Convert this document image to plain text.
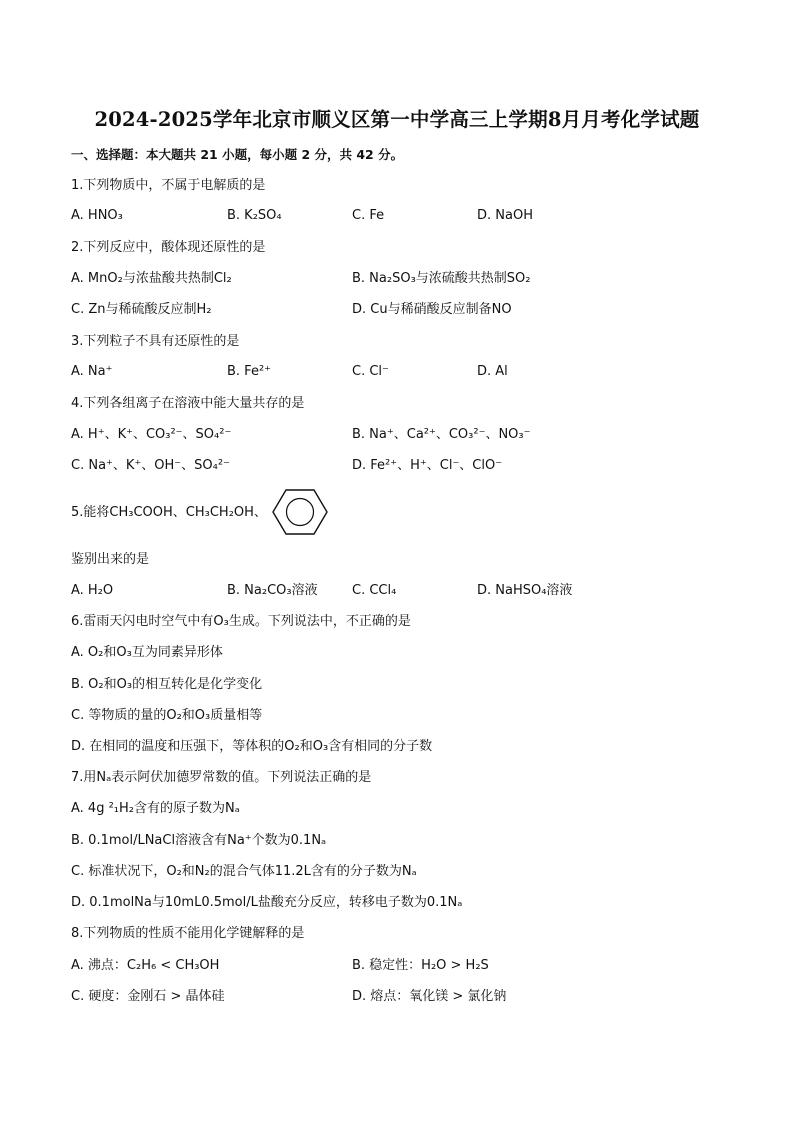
2024-2025学年北京市顺义区第一中学高三上学期8月月考化学试题
一、选择题：本大题共 21 小题，每小题 2 分，共 42 分。
1.下列物质中，不属于电解质的是
A. HNO₃	B. K₂SO₄	C. Fe	D. NaOH
2.下列反应中，酸体现还原性的是
A. MnO₂与浓盐酸共热制Cl₂	B. Na₂SO₃与浓硫酸共热制SO₂
C. Zn与稀硫酸反应制H₂	D. Cu与稀硝酸反应制备NO
3.下列粒子不具有还原性的是
A. Na⁺	B. Fe²⁺	C. Cl⁻	D. Al
4.下列各组离子在溶液中能大量共存的是
A. H⁺、K⁺、CO₃²⁻、SO₄²⁻	B. Na⁺、Ca²⁺、CO₃²⁻、NO₃⁻
C. Na⁺、K⁺、OH⁻、SO₄²⁻	D. Fe²⁺、H⁺、Cl⁻、ClO⁻
5.能将CH₃COOH、CH₃CH₂OH、
鉴别出来的是
A. H₂O	B. Na₂CO₃溶液	C. CCl₄	D. NaHSO₄溶液
6.雷雨天闪电时空气中有O₃生成。下列说法中，不正确的是
A. O₂和O₃互为同素异形体
B. O₂和O₃的相互转化是化学变化
C. 等物质的量的O₂和O₃质量相等
D. 在相同的温度和压强下，等体积的O₂和O₃含有相同的分子数
7.用Nₐ表示阿伏加德罗常数的值。下列说法正确的是
A. 4g ²₁H₂含有的原子数为Nₐ
B. 0.1mol/LNaCl溶液含有Na⁺个数为0.1Nₐ
C. 标准状况下，O₂和N₂的混合气体11.2L含有的分子数为Nₐ
D. 0.1molNa与10mL0.5mol/L盐酸充分反应，转移电子数为0.1Nₐ
8.下列物质的性质不能用化学键解释的是
A. 沸点：C₂H₆ < CH₃OH	B. 稳定性：H₂O > H₂S
C. 硬度：金刚石 > 晶体硅	D. 熔点：氧化镁 > 氯化钠
